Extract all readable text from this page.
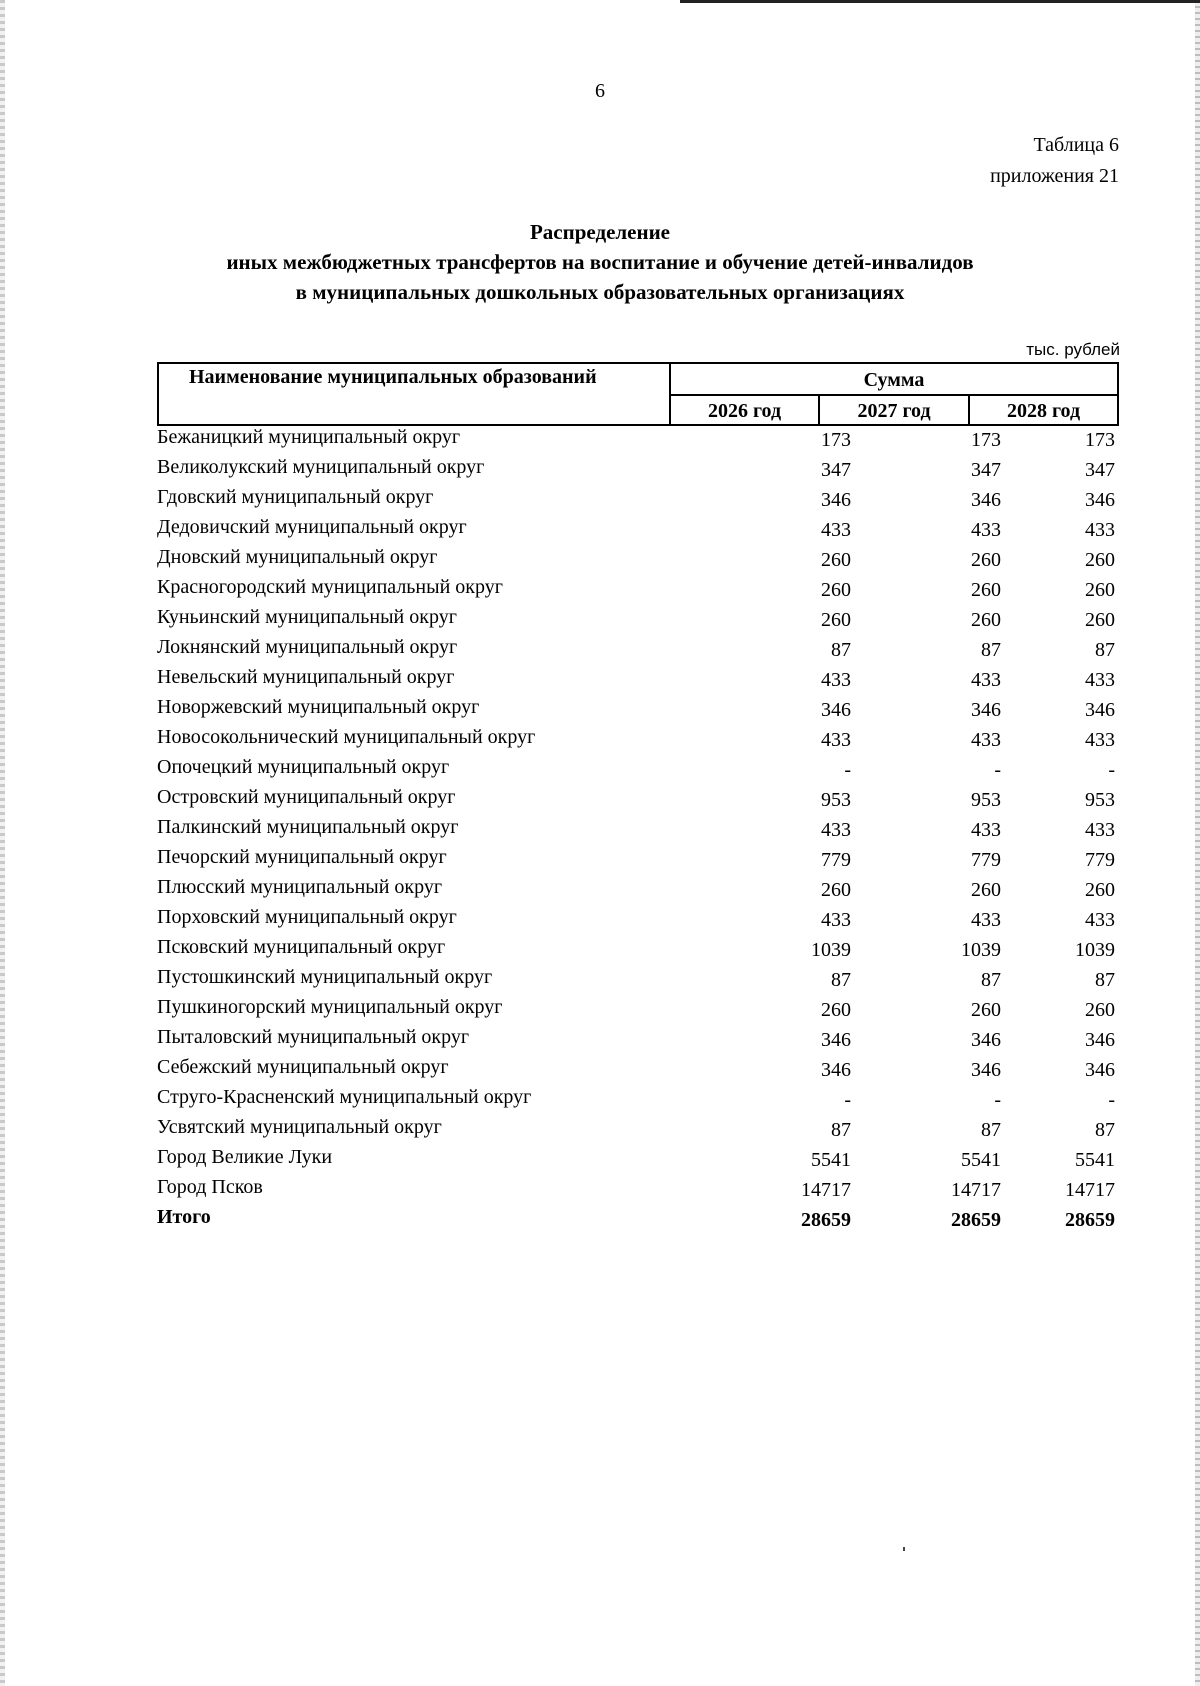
6
Таблица 6
приложения 21
Распределение
иных межбюджетных трансфертов на воспитание и обучение детей-инвалидов
в муниципальных дошкольных образовательных организациях
тыс. рублей
Наименование муниципальных образований	Сумма
2026 год	2027 год	2028 год
Бежаницкий муниципальный округ	173	173	173
Великолукский муниципальный округ	347	347	347
Гдовский муниципальный округ	346	346	346
Дедовичский муниципальный округ	433	433	433
Дновский муниципальный округ	260	260	260
Красногородский муниципальный округ	260	260	260
Куньинский муниципальный округ	260	260	260
Локнянский муниципальный округ	87	87	87
Невельский муниципальный округ	433	433	433
Новоржевский муниципальный округ	346	346	346
Новосокольнический муниципальный округ	433	433	433
Опочецкий муниципальный округ	-	-	-
Островский муниципальный округ	953	953	953
Палкинский муниципальный округ	433	433	433
Печорский муниципальный округ	779	779	779
Плюсский муниципальный округ	260	260	260
Порховский муниципальный округ	433	433	433
Псковский муниципальный округ	1039	1039	1039
Пустошкинский муниципальный округ	87	87	87
Пушкиногорский муниципальный округ	260	260	260
Пыталовский муниципальный округ	346	346	346
Себежский муниципальный округ	346	346	346
Струго-Красненский муниципальный округ	-	-	-
Усвятский муниципальный округ	87	87	87
Город Великие Луки	5541	5541	5541
Город Псков	14717	14717	14717
Итого	28659	28659	28659
